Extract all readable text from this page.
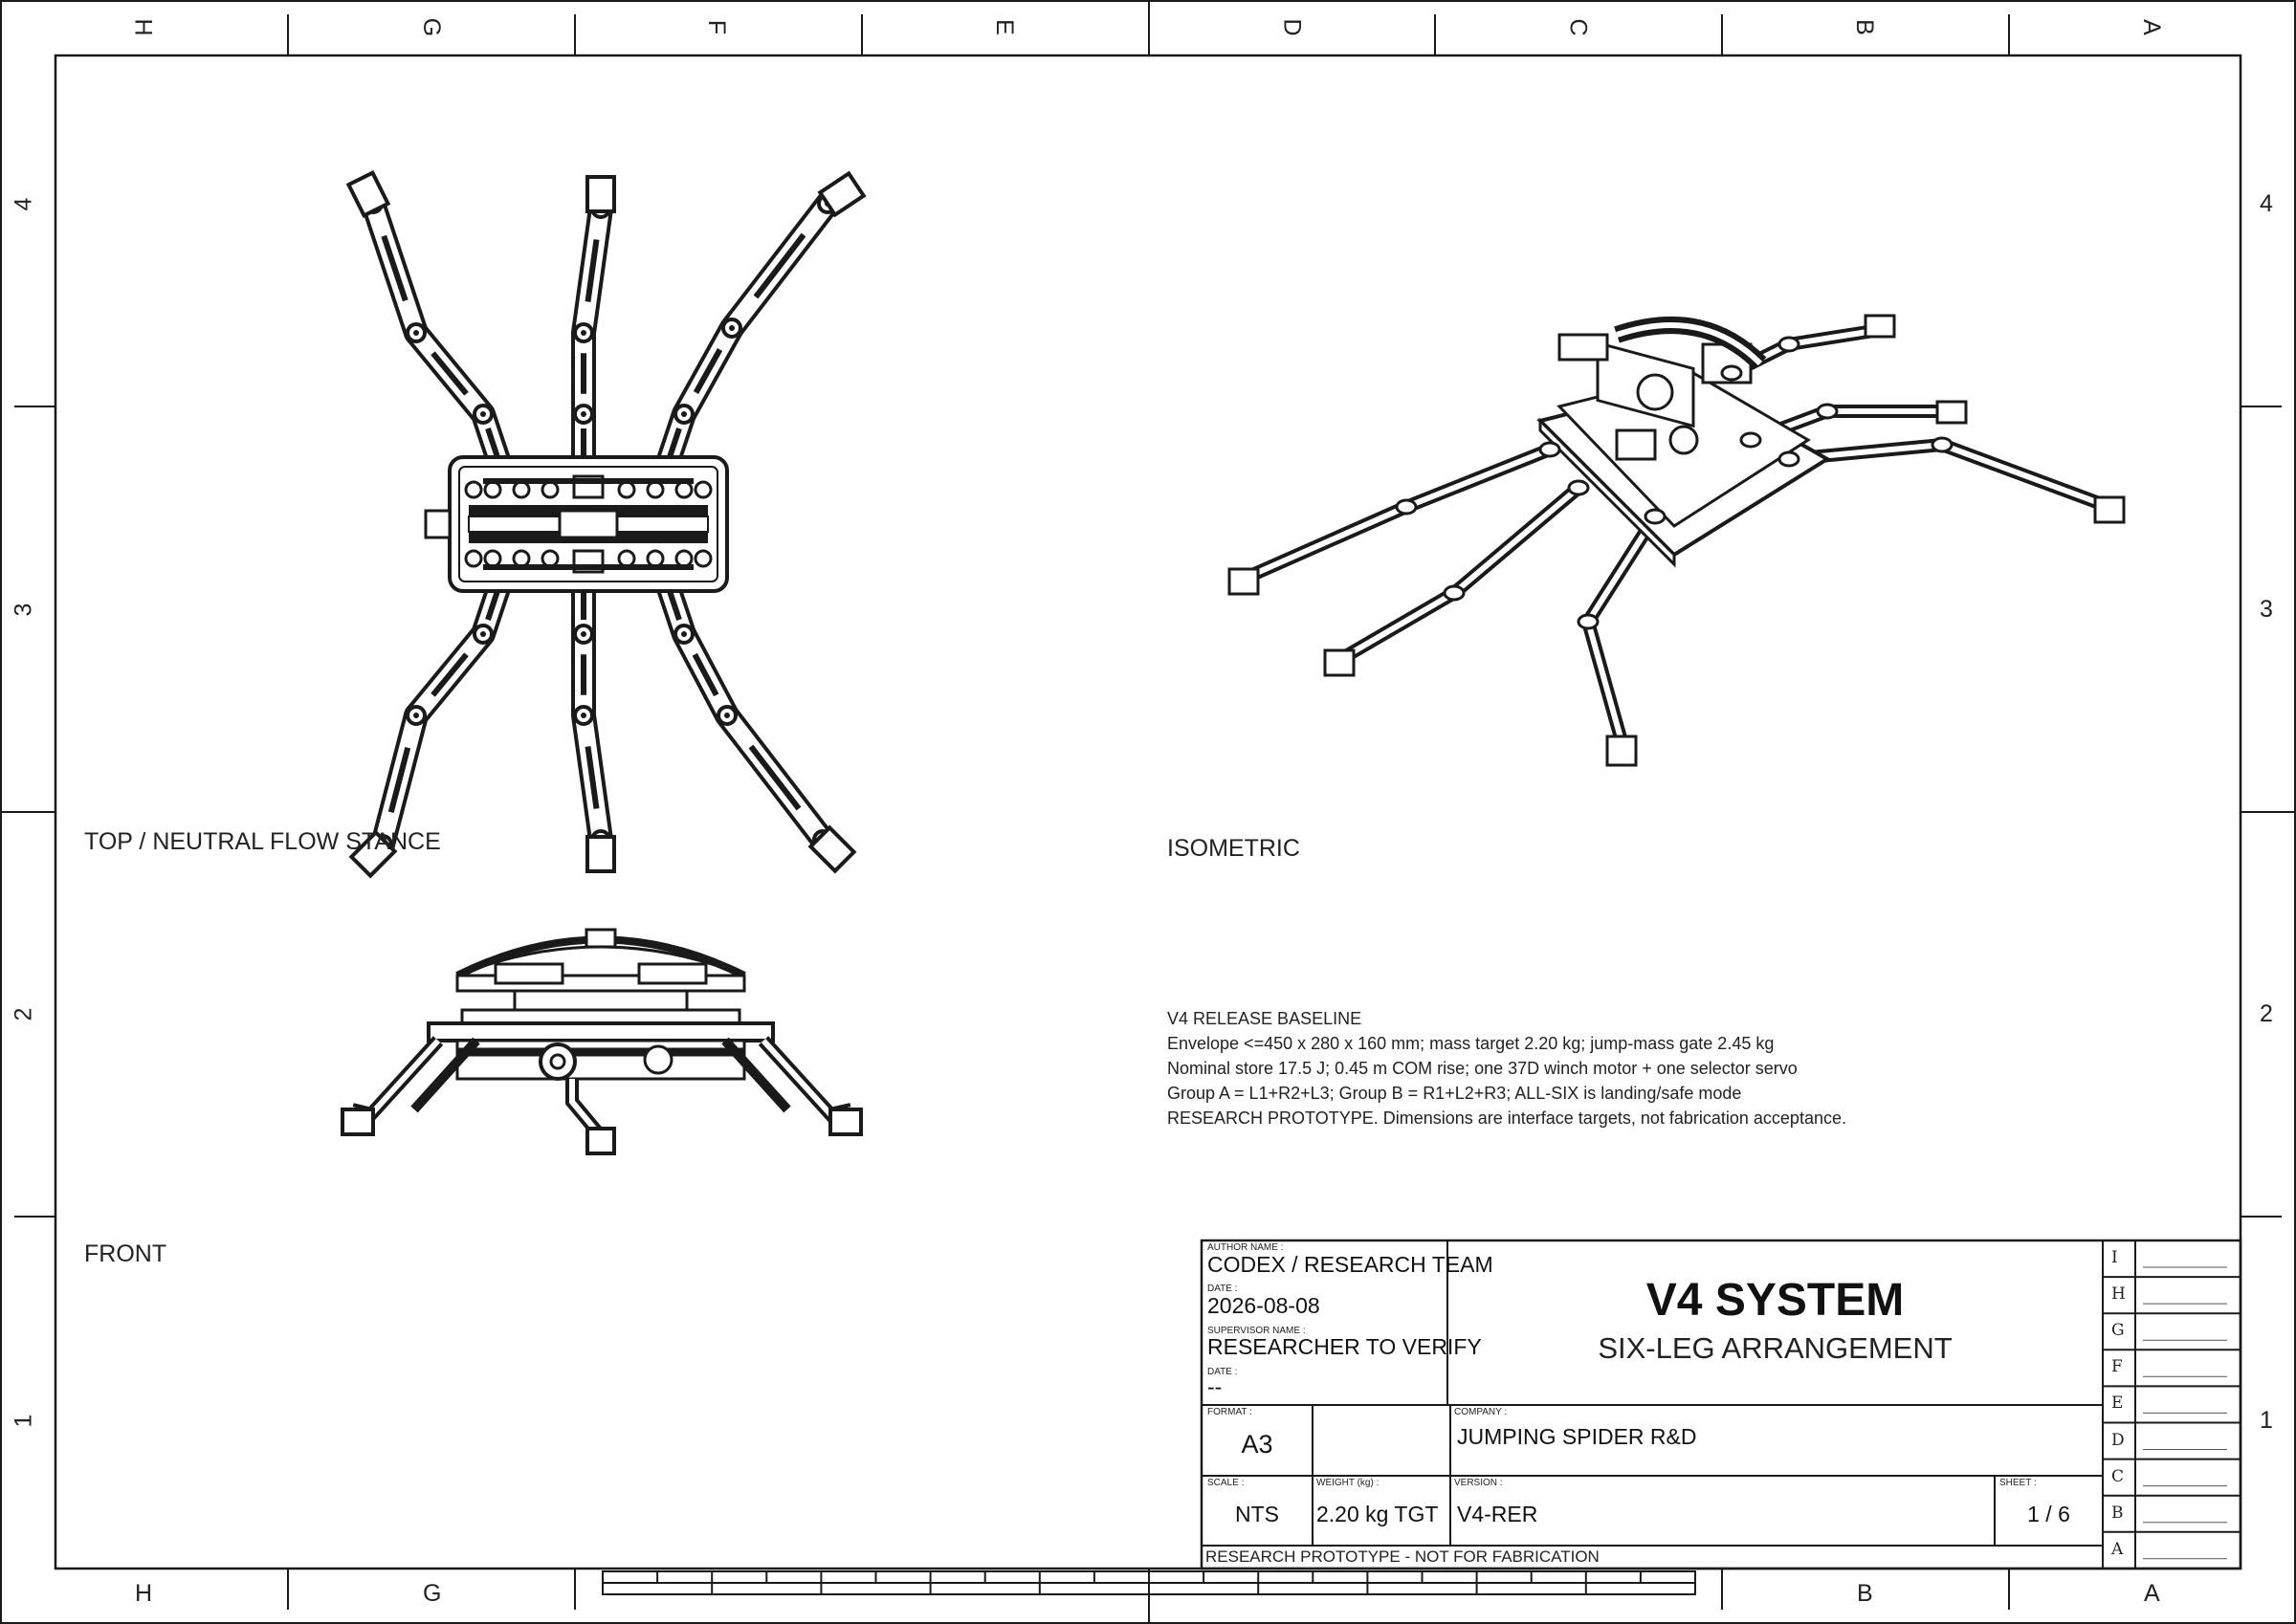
H	G	F	E	D	C	B	A
H	G	B	A
4	4
3	3
2	2
1	1
TOP / NEUTRAL FLOW STANCE	ISOMETRIC
FRONT
V4 RELEASE BASELINE
Envelope <=450 x 280 x 160 mm; mass target 2.20 kg; jump-mass gate 2.45 kg
Nominal store 17.5 J; 0.45 m COM rise; one 37D winch motor + one selector servo
Group A = L1+R2+L3; Group B = R1+L2+R3; ALL-SIX is landing/safe mode
RESEARCH PROTOTYPE. Dimensions are interface targets, not fabrication acceptance.
AUTHOR NAME :
CODEX / RESEARCH TEAM
DATE :
2026-08-08
SUPERVISOR NAME :
RESEARCHER TO VERIFY
DATE :
--
V4 SYSTEM
SIX-LEG ARRANGEMENT
FORMAT :
A3
COMPANY :
JUMPING SPIDER R&D
SCALE :
NTS
WEIGHT (kg) :
2.20 kg TGT
VERSION :
V4-RER
SHEET :
1 / 6
RESEARCH PROTOTYPE - NOT FOR FABRICATION
I
H
G
F
E
D
C
B
A
